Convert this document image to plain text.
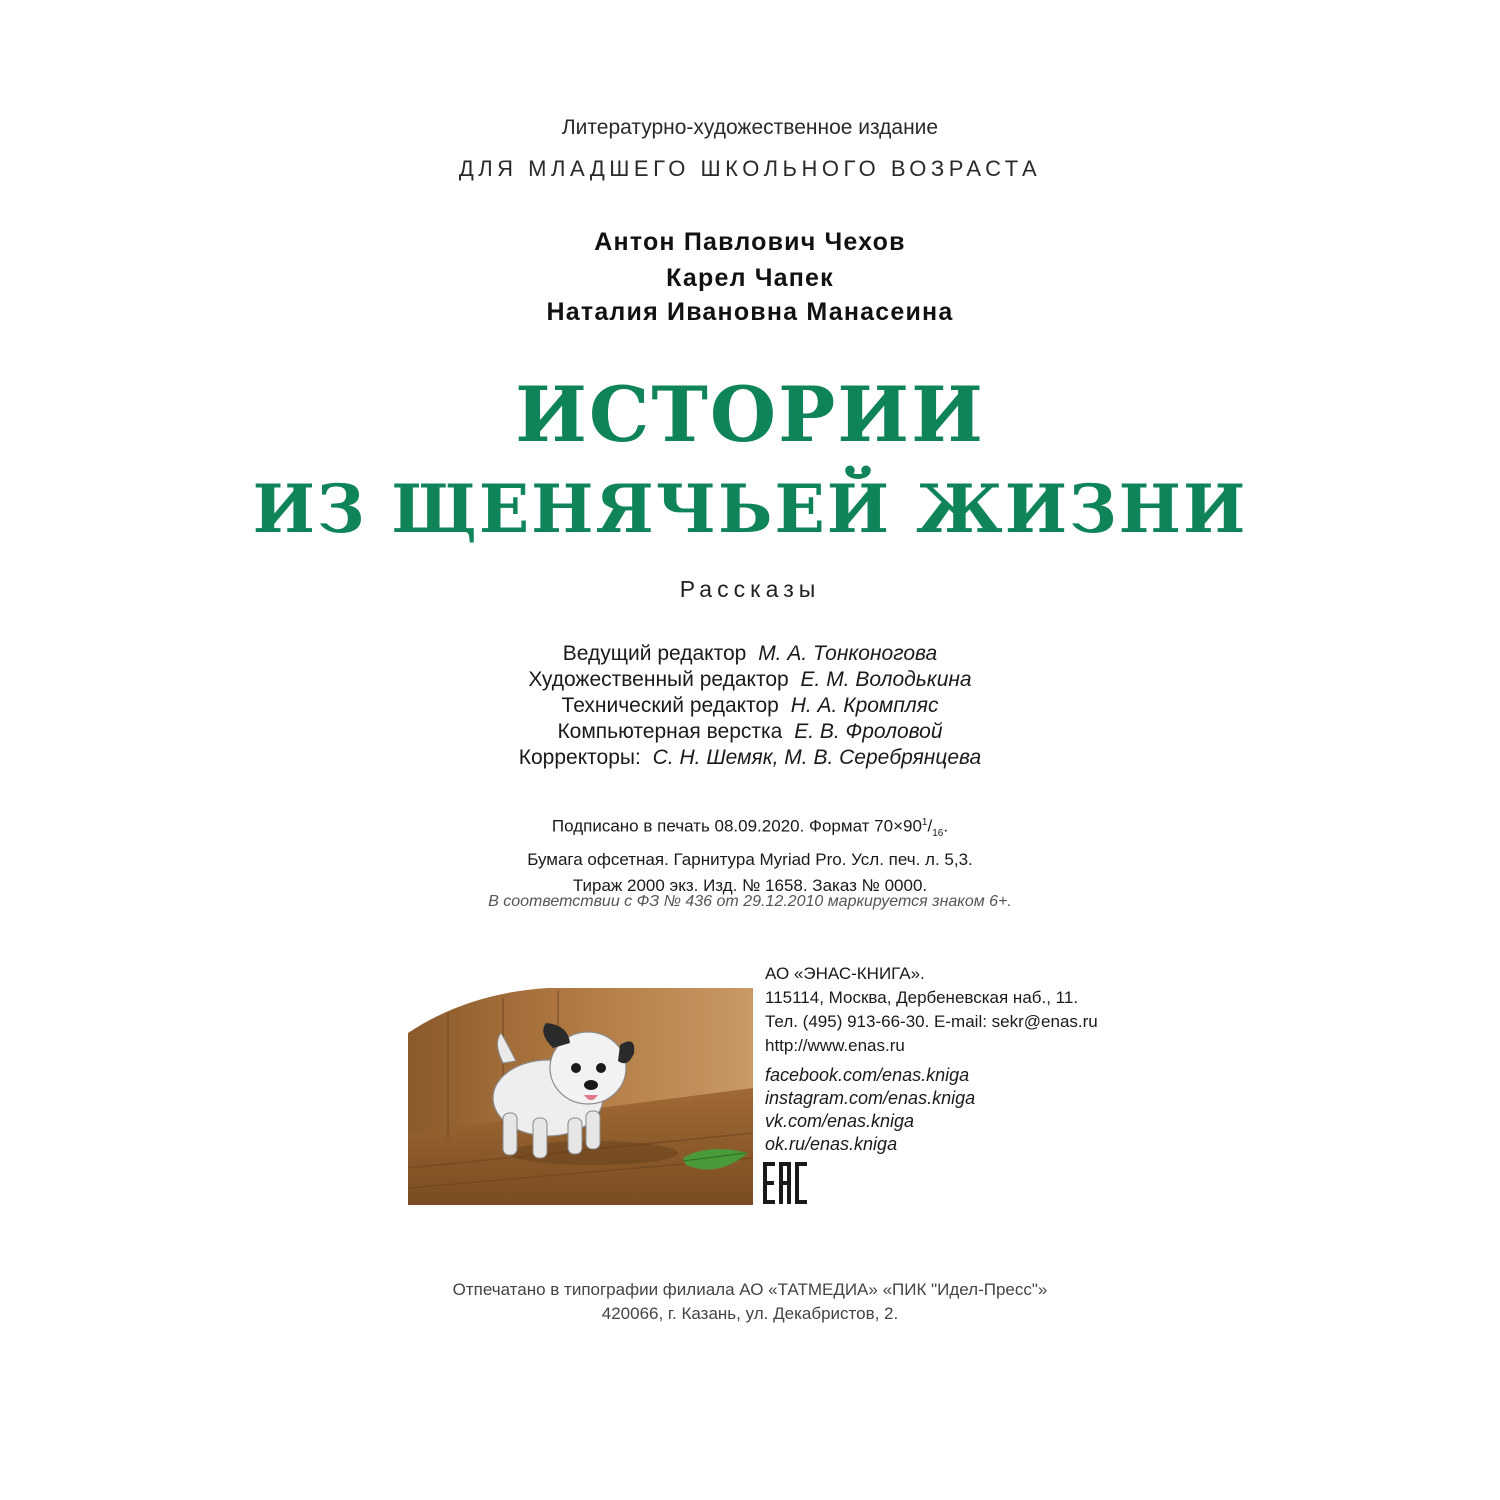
Литературно-художественное издание
ДЛЯ МЛАДШЕГО ШКОЛЬНОГО ВОЗРАСТА
Антон Павлович Чехов
Карел Чапек
Наталия Ивановна Манасеина
ИСТОРИИ
ИЗ ЩЕНЯЧЬЕЙ ЖИЗНИ
Рассказы
Ведущий редактор М. А. Тонконогова
Художественный редактор Е. М. Володькина
Технический редактор Н. А. Кромпляс
Компьютерная верстка Е. В. Фроловой
Корректоры: С. Н. Шемяк, М. В. Серебрянцева
Подписано в печать 08.09.2020. Формат $70\times 90^1/_{16}$.
Бумага офсетная. Гарнитура Myriad Pro. Усл. печ. л. 5,3.
Тираж 2000 экз. Изд. № 1658. Заказ № 0000.
В соответствии с ФЗ № 436 от 29.12.2010 маркируется знаком 6+.
АО «ЭНАС-КНИГА».
115114, Москва, Дербеневская наб., 11.
Тел. (495) 913-66-30. E-mail: sekr@enas.ru
http://www.enas.ru
facebook.com/enas.kniga
instagram.com/enas.kniga
vk.com/enas.kniga
ok.ru/enas.kniga
Отпечатано в типографии филиала АО «ТАТМЕДИА» «ПИК "Идел-Пресс"»
420066, г. Казань, ул. Декабристов, 2.
